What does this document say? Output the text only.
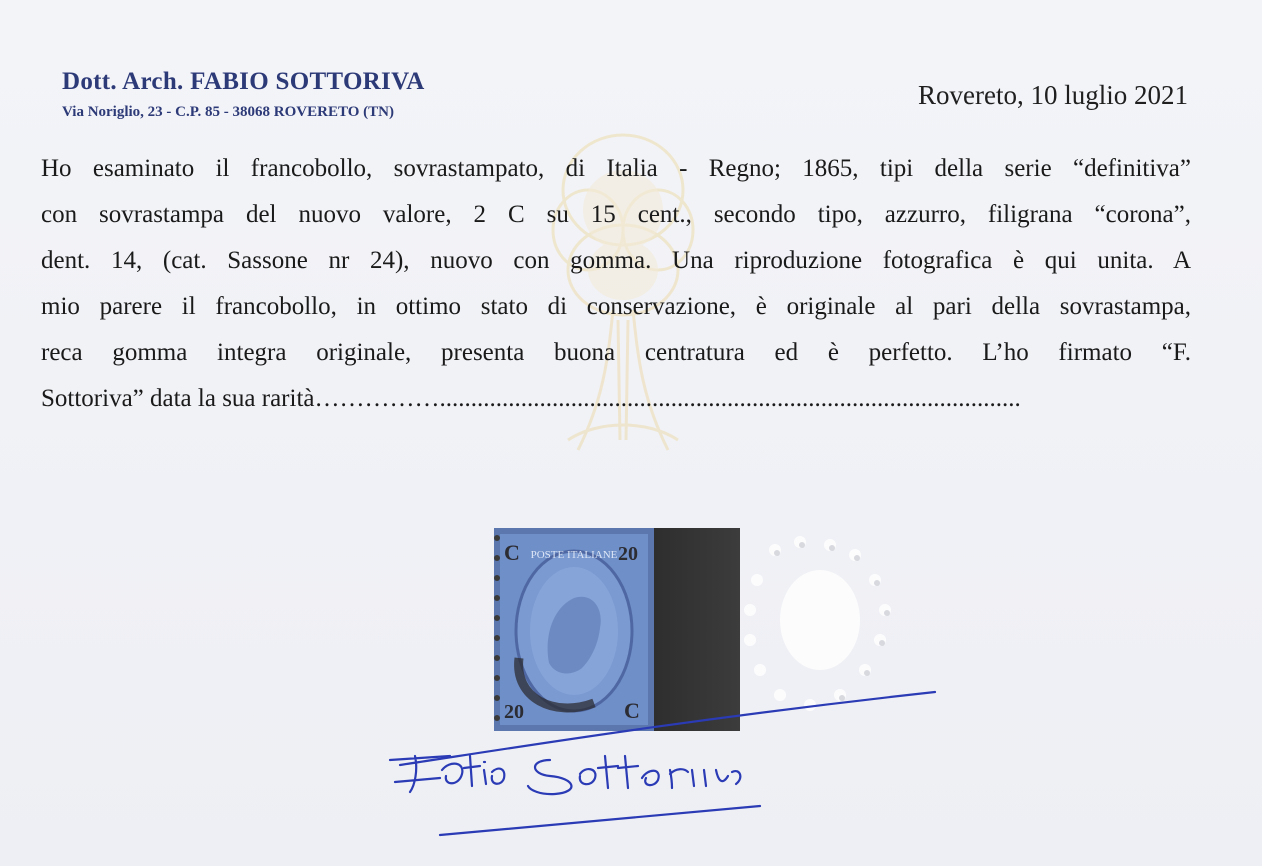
Dott. Arch. FABIO SOTTORIVA
Via Noriglio, 23 - C.P. 85 - 38068 ROVERETO (TN)
Rovereto, 10 luglio 2021
Ho esaminato il francobollo, sovrastampato, di Italia - Regno; 1865, tipi della serie “definitiva”
con sovrastampa del nuovo valore, 2 C su 15 cent., secondo tipo, azzurro, filigrana “corona”,
dent. 14, (cat. Sassone nr 24), nuovo con gomma. Una riproduzione fotografica è qui unita. A
mio parere il francobollo, in ottimo stato di conservazione, è originale al pari della sovrastampa,
reca gomma integra originale, presenta buona centratura ed è perfetto. L’ho firmato “F.
Sottoriva” data la sua rarità…………….............................................................................................
POSTE ITALIANE
C	20
20	C
